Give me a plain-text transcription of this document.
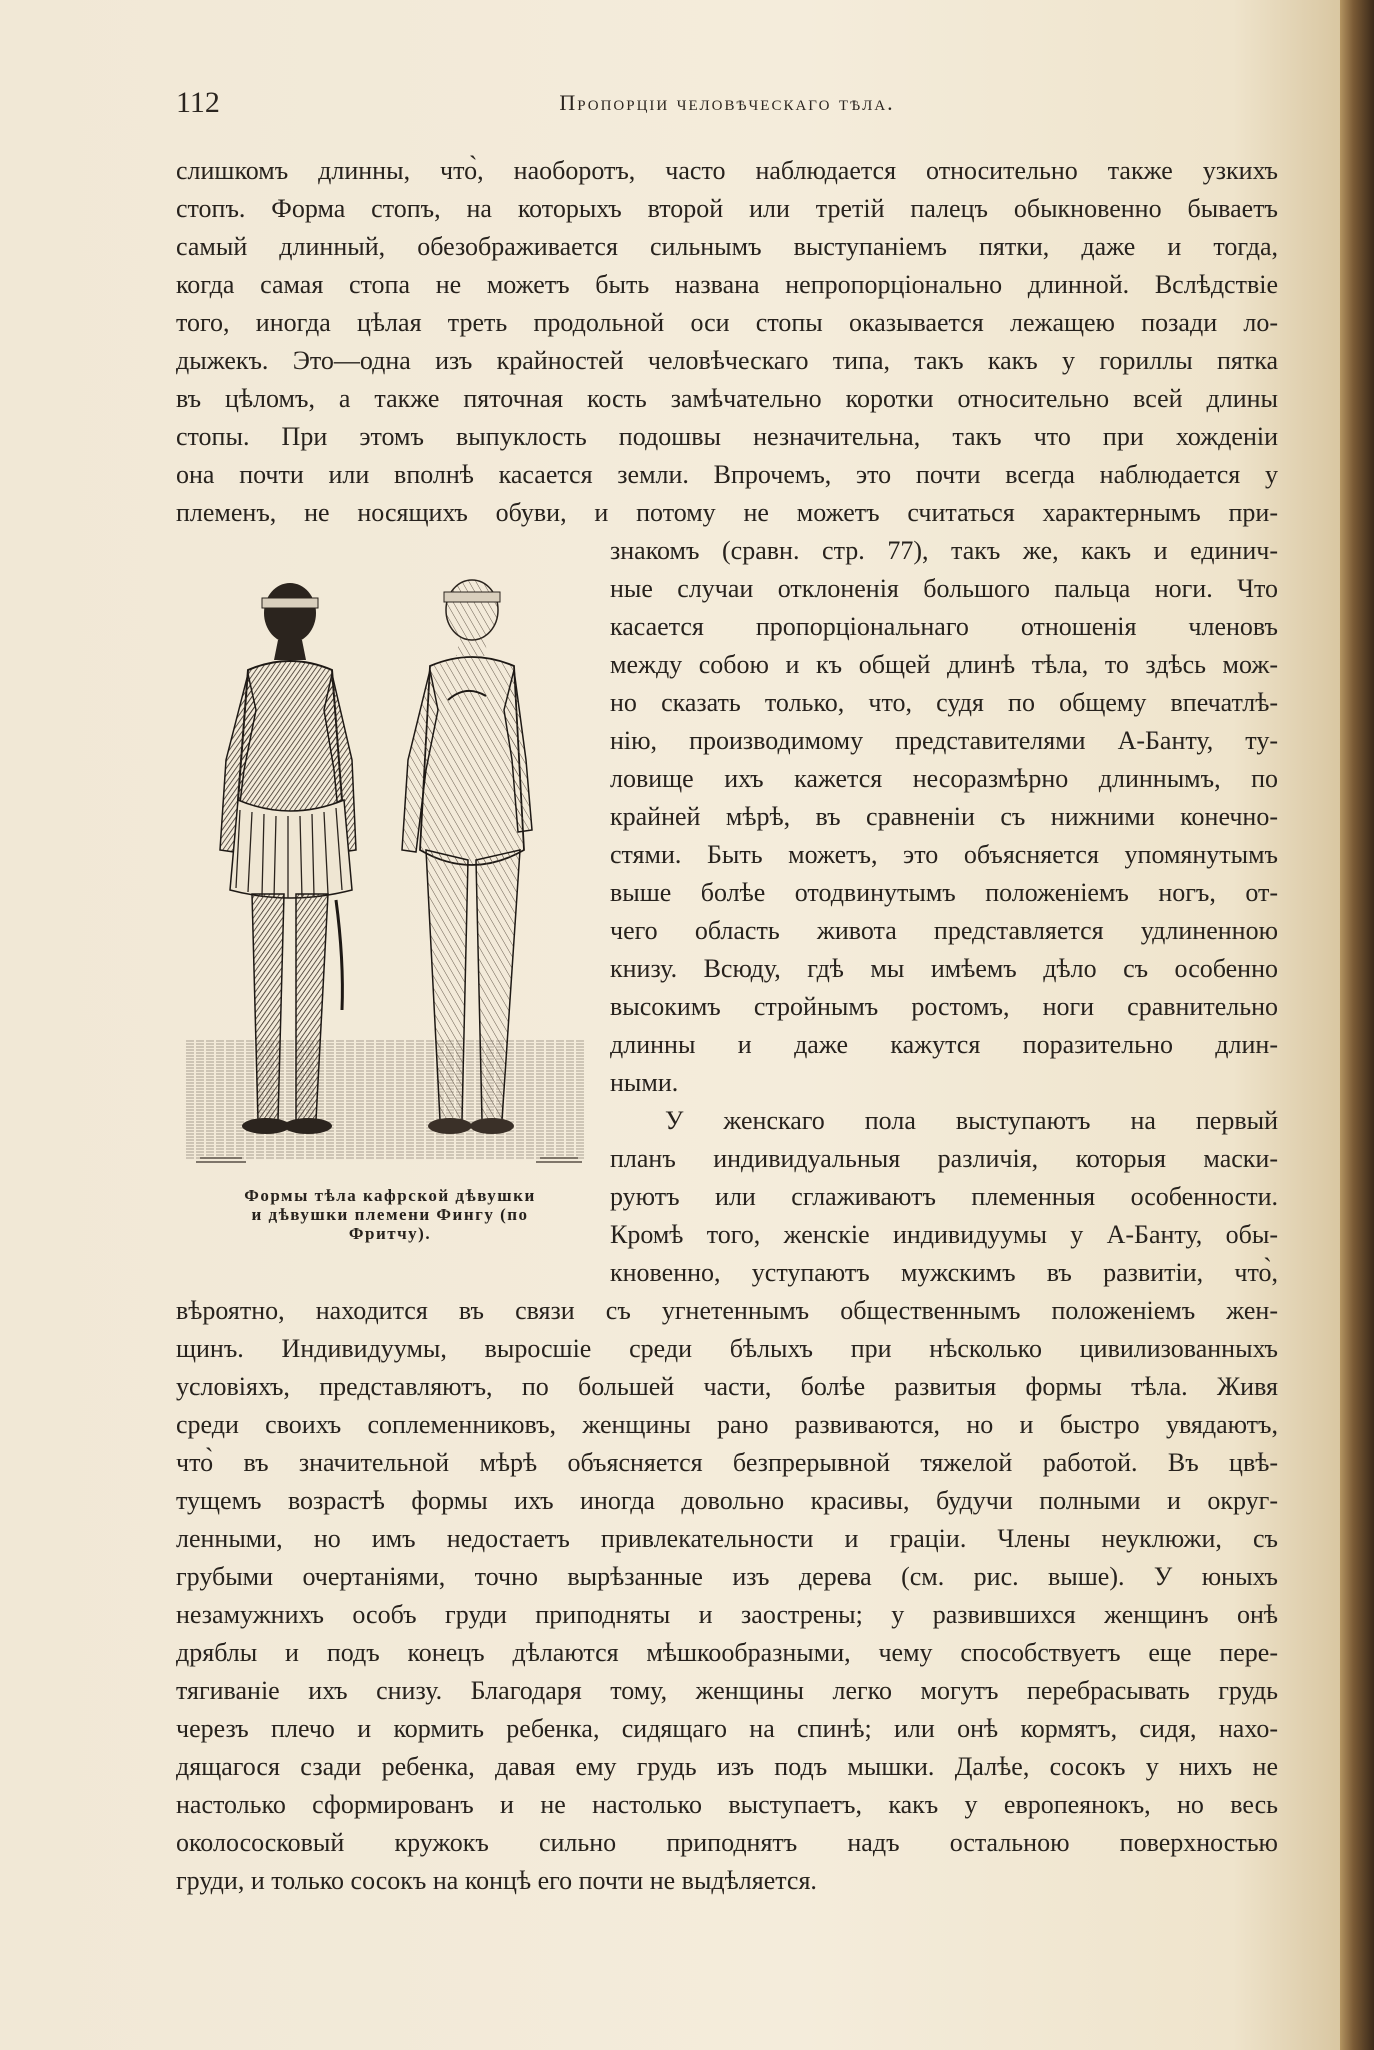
112	Пропорціи человѣческаго тѣла.
слишкомъ длинны, что̀, наоборотъ, часто наблюдается относительно также узкихъ
стопъ. Форма стопъ, на которыхъ второй или третій палецъ обыкновенно бываетъ
самый длинный, обезображивается сильнымъ выступаніемъ пятки, даже и тогда,
когда самая стопа не можетъ быть названа непропорціонально длинной. Вслѣдствіе
того, иногда цѣлая треть продольной оси стопы оказывается лежащею позади ло-
дыжекъ. Это—одна изъ крайностей человѣческаго типа, такъ какъ у гориллы пятка
въ цѣломъ, а также пяточная кость замѣчательно коротки относительно всей длины
стопы. При этомъ выпуклость подошвы незначительна, такъ что при хожденіи
она почти или вполнѣ касается земли. Впрочемъ, это почти всегда наблюдается у
племенъ, не носящихъ обуви, и потому не можетъ считаться характернымъ при-
знакомъ (сравн. стр. 77), такъ же, какъ и единич-
ные случаи отклоненія большого пальца ноги. Что
касается пропорціональнаго отношенія членовъ
между собою и къ общей длинѣ тѣла, то здѣсь мож-
но сказать только, что, судя по общему впечатлѣ-
нію, производимому представителями А-Банту, ту-
ловище ихъ кажется несоразмѣрно длиннымъ, по
крайней мѣрѣ, въ сравненіи съ нижними конечно-
стями. Быть можетъ, это объясняется упомянутымъ
выше болѣе отодвинутымъ положеніемъ ногъ, от-
чего область живота представляется удлиненною
книзу. Всюду, гдѣ мы имѣемъ дѣло съ особенно
высокимъ стройнымъ ростомъ, ноги сравнительно
длинны и даже кажутся поразительно длин-
ными.
У женскаго пола выступаютъ на первый
планъ индивидуальныя различія, которыя маски-
руютъ или сглаживаютъ племенныя особенности.
Кромѣ того, женскіе индивидуумы у А-Банту, обы-
кновенно, уступаютъ мужскимъ въ развитіи, что̀,
вѣроятно, находится въ связи съ угнетеннымъ общественнымъ положеніемъ жен-
щинъ. Индивидуумы, выросшіе среди бѣлыхъ при нѣсколько цивилизованныхъ
условіяхъ, представляютъ, по большей части, болѣе развитыя формы тѣла. Живя
среди своихъ соплеменниковъ, женщины рано развиваются, но и быстро увядаютъ,
что̀ въ значительной мѣрѣ объясняется безпрерывной тяжелой работой. Въ цвѣ-
тущемъ возрастѣ формы ихъ иногда довольно красивы, будучи полными и округ-
ленными, но имъ недостаетъ привлекательности и граціи. Члены неуклюжи, съ
грубыми очертаніями, точно вырѣзанные изъ дерева (см. рис. выше). У юныхъ
незамужнихъ особъ груди приподняты и заострены; у развившихся женщинъ онѣ
дряблы и подъ конецъ дѣлаются мѣшкообразными, чему способствуетъ еще пере-
тягиваніе ихъ снизу. Благодаря тому, женщины легко могутъ перебрасывать грудь
черезъ плечо и кормить ребенка, сидящаго на спинѣ; или онѣ кормятъ, сидя, нахо-
дящагося сзади ребенка, давая ему грудь изъ подъ мышки. Далѣе, сосокъ у нихъ не
настолько сформированъ и не настолько выступаетъ, какъ у европеянокъ, но весь
околососковый кружокъ сильно приподнятъ надъ остальною поверхностью
груди, и только сосокъ на концѣ его почти не выдѣляется.
Формы тѣла кафрской дѣвушки
и дѣвушки племени Фингу (по
Фритчу).
